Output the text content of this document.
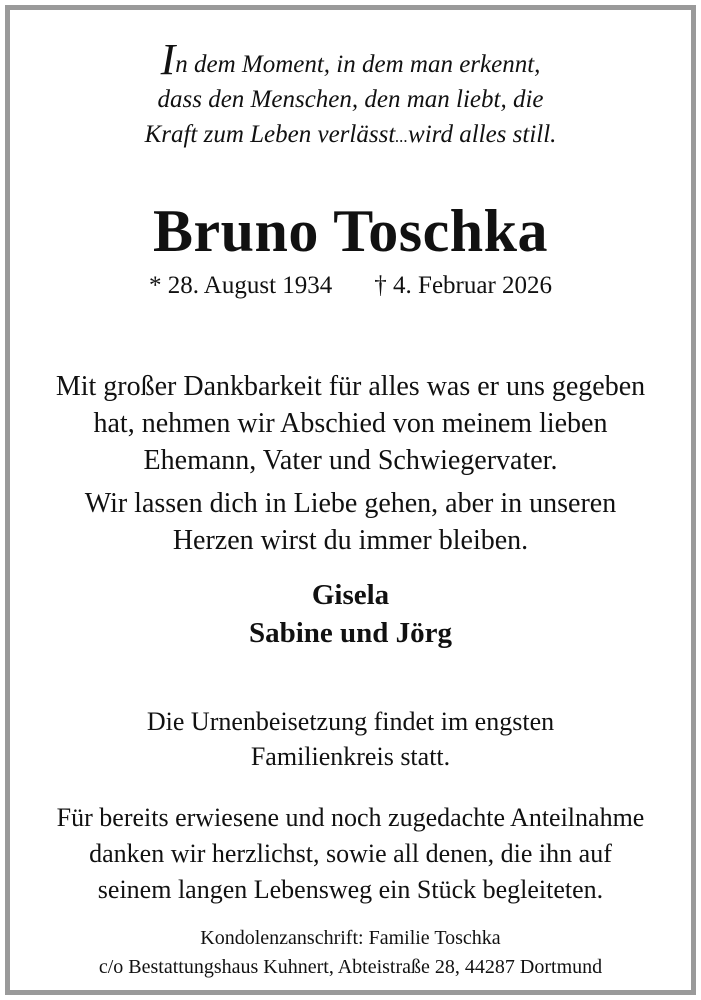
In dem Moment, in dem man erkennt,
dass den Menschen, den man liebt, die
Kraft zum Leben verlässt...wird alles still.
Bruno Toschka
* 28. August 1934 † 4. Februar 2026
Mit großer Dankbarkeit für alles was er uns gegeben
hat, nehmen wir Abschied von meinem lieben
Ehemann, Vater und Schwiegervater.
Wir lassen dich in Liebe gehen, aber in unseren
Herzen wirst du immer bleiben.
Gisela
Sabine und Jörg
Die Urnenbeisetzung findet im engsten
Familienkreis statt.
Für bereits erwiesene und noch zugedachte Anteilnahme
danken wir herzlichst, sowie all denen, die ihn auf
seinem langen Lebensweg ein Stück begleiteten.
Kondolenzanschrift: Familie Toschka
c/o Bestattungshaus Kuhnert, Abteistraße 28, 44287 Dortmund
